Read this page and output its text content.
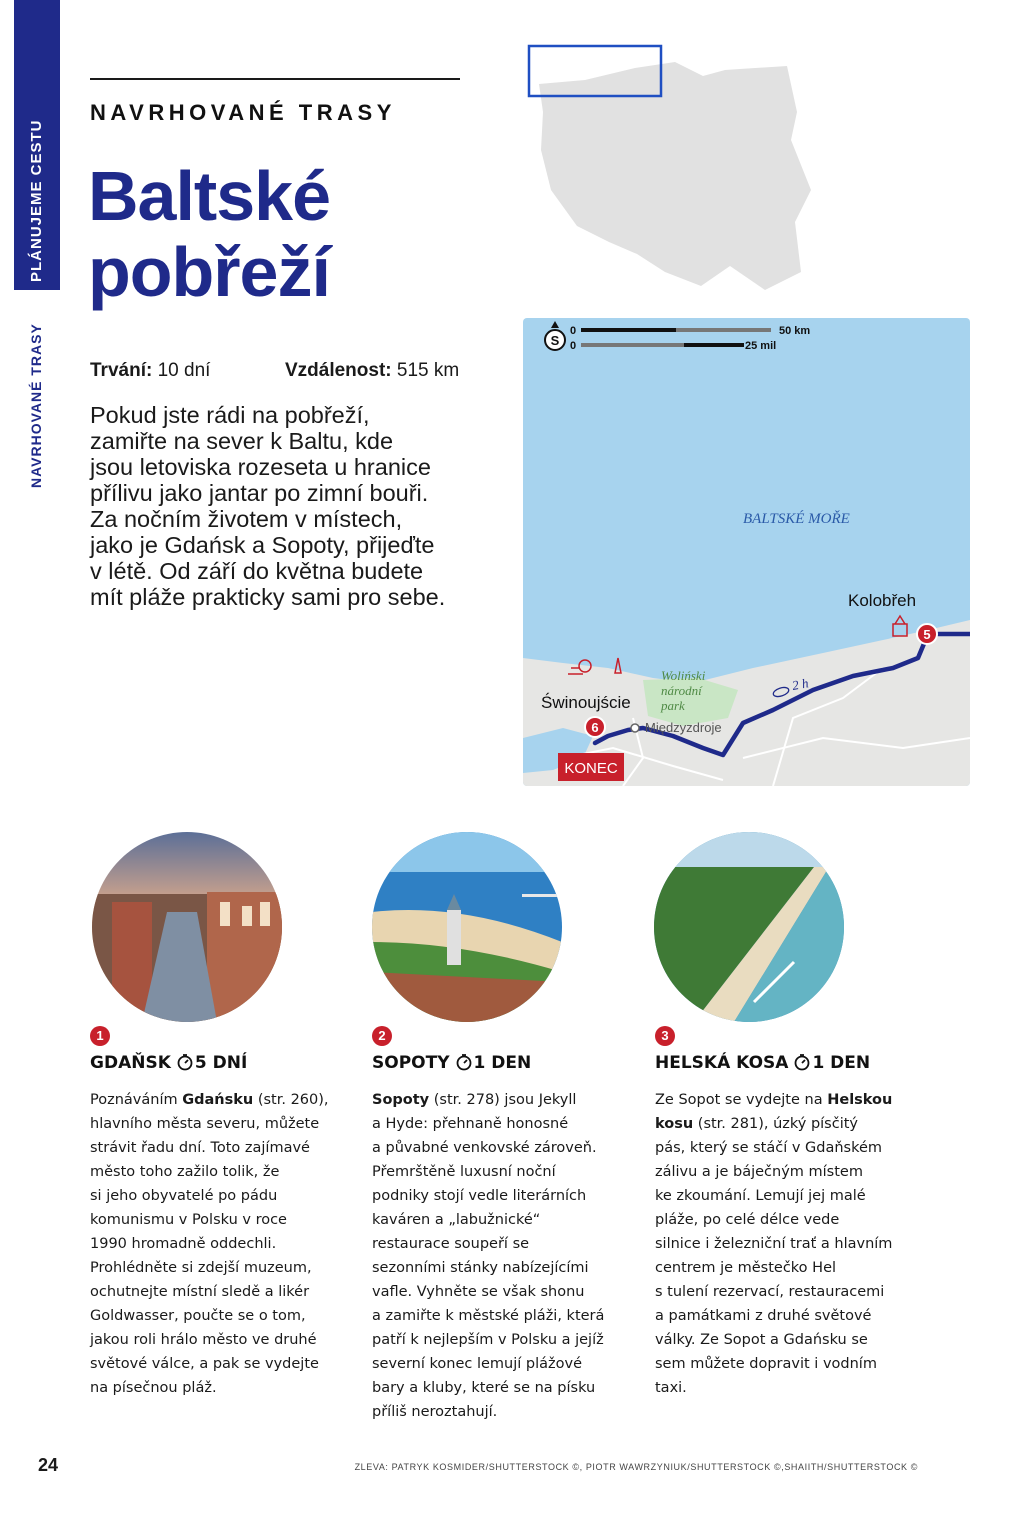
PLÁNUJEME CESTU
NAVRHOVANÉ TRASY
NAVRHOVANÉ TRASY
Baltské
pobřeží
Trvání: 10 dní	Vzdálenost: 515 km
Pokud jste rádi na pobřeží,
zamiřte na sever k Baltu, kde
jsou letoviska rozeseta u hranice
přílivu jako jantar po zimní bouři.
Za nočním životem v místech,
jako je Gdańsk a Sopoty, přijeďte
v létě. Od září do května budete
mít pláže prakticky sami pro sebe.
S
0	50 km
0	25 mil
BALTSKÉ MOŘE
Woliński
národní
park
Kolobřeh
Świnoujście
Międzyzdroje
2 h
5
6
KONEC
1
GDAŇSK 5 DNÍ
Poznáváním Gdańsku (str. 260),
hlavního města severu, můžete
strávit řadu dní. Toto zajímavé
město toho zažilo tolik, že
si jeho obyvatelé po pádu
komunismu v Polsku v roce
1990 hromadně oddechli.
Prohlédněte si zdejší muzeum,
ochutnejte místní sledě a likér
Goldwasser, poučte se o tom,
jakou roli hrálo město ve druhé
světové válce, a pak se vydejte
na písečnou pláž.
2
SOPOTY 1 DEN
Sopoty (str. 278) jsou Jekyll
a Hyde: přehnaně honosné
a půvabné venkovské zároveň.
Přemrštěně luxusní noční
podniky stojí vedle literárních
kaváren a „labužnické“
restaurace soupeří se
sezonními stánky nabízejícími
vafle. Vyhněte se však shonu
a zamiřte k městské pláži, která
patří k nejlepším v Polsku a jejíž
severní konec lemují plážové
bary a kluby, které se na písku
příliš neroztahují.
3
HELSKÁ KOSA 1 DEN
Ze Sopot se vydejte na Helskou
kosu (str. 281), úzký písčitý
pás, který se stáčí v Gdaňském
zálivu a je báječným místem
ke zkoumání. Lemují jej malé
pláže, po celé délce vede
silnice i železniční trať a hlavním
centrem je městečko Hel
s tulení rezervací, restauracemi
a památkami z druhé světové
války. Ze Sopot a Gdańsku se
sem můžete dopravit i vodním
taxi.
24	ZLEVA: PATRYK KOSMIDER/SHUTTERSTOCK ©, PIOTR WAWRZYNIUK/SHUTTERSTOCK ©,SHAIITH/SHUTTERSTOCK ©
